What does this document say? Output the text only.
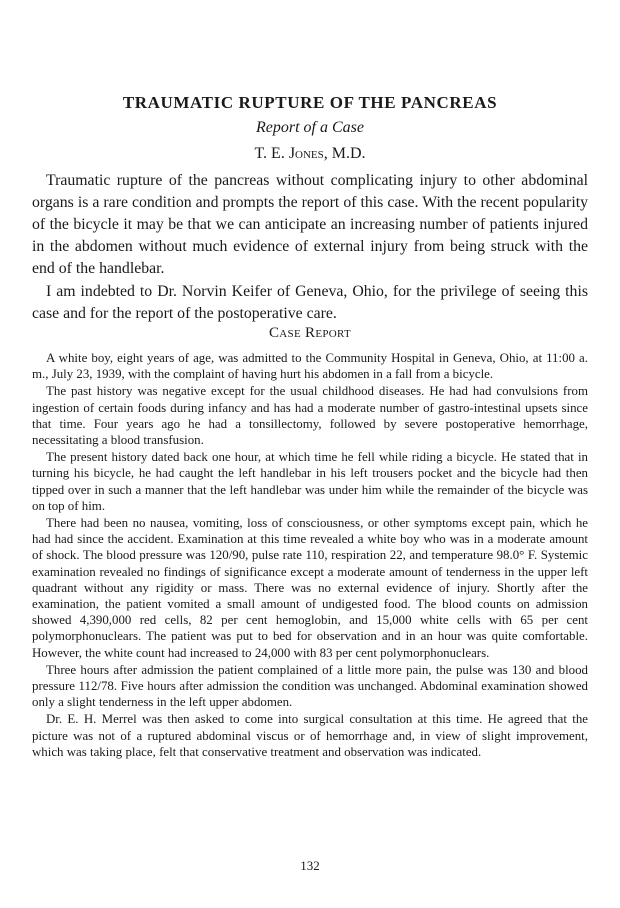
TRAUMATIC RUPTURE OF THE PANCREAS
Report of a Case
T. E. Jones, M.D.

Traumatic rupture of the pancreas without complicating injury to other abdominal organs is a rare condition and prompts the report of this case. With the recent popularity of the bicycle it may be that we can anticipate an increasing number of patients injured in the abdomen without much evidence of external injury from being struck with the end of the handlebar.

I am indebted to Dr. Norvin Keifer of Geneva, Ohio, for the privilege of seeing this case and for the report of the postoperative care.

Case Report

A white boy, eight years of age, was admitted to the Community Hospital in Geneva, Ohio, at 11:00 a. m., July 23, 1939, with the complaint of having hurt his abdomen in a fall from a bicycle.

The past history was negative except for the usual childhood diseases. He had had convulsions from ingestion of certain foods during infancy and has had a moderate number of gastro-intestinal upsets since that time. Four years ago he had a tonsillectomy, followed by severe postoperative hemorrhage, necessitating a blood transfusion.

The present history dated back one hour, at which time he fell while riding a bicycle. He stated that in turning his bicycle, he had caught the left handlebar in his left trousers pocket and the bicycle had then tipped over in such a manner that the left handlebar was under him while the remainder of the bicycle was on top of him.

There had been no nausea, vomiting, loss of consciousness, or other symptoms except pain, which he had had since the accident. Examination at this time revealed a white boy who was in a moderate amount of shock. The blood pressure was 120/90, pulse rate 110, respiration 22, and temperature 98.0° F. Systemic examination revealed no findings of significance except a moderate amount of tenderness in the upper left quadrant without any rigidity or mass. There was no external evidence of injury. Shortly after the examination, the patient vomited a small amount of undigested food. The blood counts on admission showed 4,390,000 red cells, 82 per cent hemoglobin, and 15,000 white cells with 65 per cent polymorphonuclears. The patient was put to bed for observation and in an hour was quite comfortable. However, the white count had increased to 24,000 with 83 per cent polymorphonuclears.

Three hours after admission the patient complained of a little more pain, the pulse was 130 and blood pressure 112/78. Five hours after admission the condition was unchanged. Abdominal examination showed only a slight tenderness in the left upper abdomen.

Dr. E. H. Merrel was then asked to come into surgical consultation at this time. He agreed that the picture was not of a ruptured abdominal viscus or of hemorrhage and, in view of slight improvement, which was taking place, felt that conservative treatment and observation was indicated.

132
